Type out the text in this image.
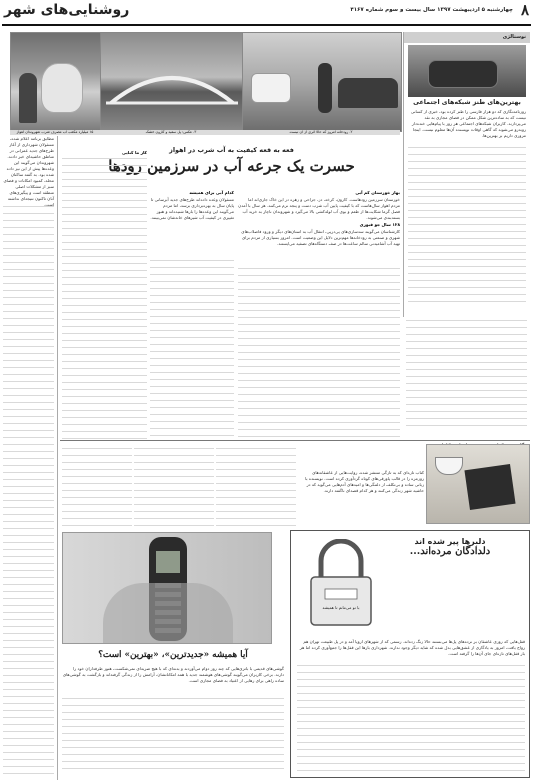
۸
چهارشنبه ۵ اردیبهشت ۱۳۹۷ سال بیست و سوم شماره ۴۱۶۷
روشنایی‌های شهر
۱۵ میلیارد مکعب آب مصرف شرب شهروندان اهواز	۳. عکس: پل سفید و کارون خشک	۲. رودخانه امروز که حالا اثری از آن نیست
نوستالژی
بهترین‌های طنز شبکه‌های اجتماعی

روزنامه‌نگاری که دو هزار فارسی را طنز کرده بود، خبری از کسانی نیست که به ساده‌ترین شکل ممکن در فضای مجازی به نقد می‌پردازند. کاربران شبکه‌های اجتماعی هر روز با پیام‌هایی خنده‌دار روبه‌رو می‌شوند که گاهی اوقات نویسنده آن‌ها معلوم نیست. اینجا مروری داریم بر بهترین‌ها.

فعه به قعه کیفیت به آب شرب در اهواز
حسرت یک جرعه آب در سرزمین رودها

بهار خوزستان کم آبی

خوزستان سرزمین رودهاست. کارون، کرخه، دز، جراحی و زهره در این خاک جاری‌اند اما مردم اهواز سال‌هاست که با کیفیت پایین آب شرب دست و پنجه نرم می‌کنند. هر سال با آمدن فصل گرما شکایت‌ها از طعم و بوی آب لوله‌کشی بالا می‌گیرد و شهروندان ناچار به خرید آب بسته‌بندی می‌شوند.

۱۲۸ سال جو قبوری

کارشناسان می‌گویند سدسازی‌های پی‌درپی، انتقال آب به استان‌های دیگر و ورود فاضلاب‌های شهری و صنعتی به رودخانه‌ها مهم‌ترین دلایل این وضعیت است. امروز بسیاری از مردم برای تهیه آب آشامیدنی سالم ساعت‌ها در صف دستگاه‌های تصفیه می‌ایستند.

کدام آبی برای همیشه

مسئولان وعده داده‌اند طرح‌های جدید آبرسانی تا پایان سال به بهره‌برداری برسد، اما مردم می‌گویند این وعده‌ها را بارها شنیده‌اند و هنوز تغییری در کیفیت آب شیرهای خانه‌شان نمی‌بینند.

کار ما کنایی

مطابق برنامه اعلام شده، مسئولان شهرداری از آغاز طرح‌های جدید عمرانی در مناطق حاشیه‌ای خبر دادند. شهروندان می‌گویند این وعده‌ها پیش از این نیز داده شده بود. به گفته ساکنان محله، کمبود امکانات و فضای سبز از مشکلات اصلی منطقه است و پیگیری‌های آنان تاکنون نتیجه‌ای نداشته است.

کتاب تازه‌ای که به تازگی منتشر شده، روایت‌هایی از عاشقانه‌های روزمره را در قالب پاورقی‌های کوتاه گردآوری کرده است. نویسنده با زبانی ساده و بی‌تکلف از دلتنگی‌ها و امیدهای آدم‌هایی می‌گوید که در حاشیه شهر زندگی می‌کنند و هر کدام قصه‌ای ناگفته دارند.

دلبرها پیر شده اند
دلدادگان مرده‌اند...
با تو می‌مانم تا همیشه

قفل‌هایی که روزی عاشقان بر نرده‌های پل‌ها می‌بستند حالا زنگ زده‌اند. رسمی که از شهرهای اروپا آمد و در پل طبیعت تهران هم رواج یافت، امروز به یادگاری از عشق‌هایی بدل شده که شاید دیگر وجود ندارند. شهرداری بارها این قفل‌ها را جمع‌آوری کرده اما هر بار قفل‌های تازه‌ای جای آن‌ها را گرفته است.

آیا همیشه «جدیدترین»، «بهترین» است؟

گوشی‌های قدیمی با باتری‌هایی که چند روز دوام می‌آوردند و بدنه‌ای که با هیچ ضربه‌ای نمی‌شکست، هنوز طرفداران خود را دارند. برخی کاربران می‌گویند گوشی‌های هوشمند جدید با همه امکاناتشان، آرامش را از زندگی گرفته‌اند و بازگشت به گوشی‌های ساده راهی برای رهایی از اعتیاد به فضای مجازی است.
